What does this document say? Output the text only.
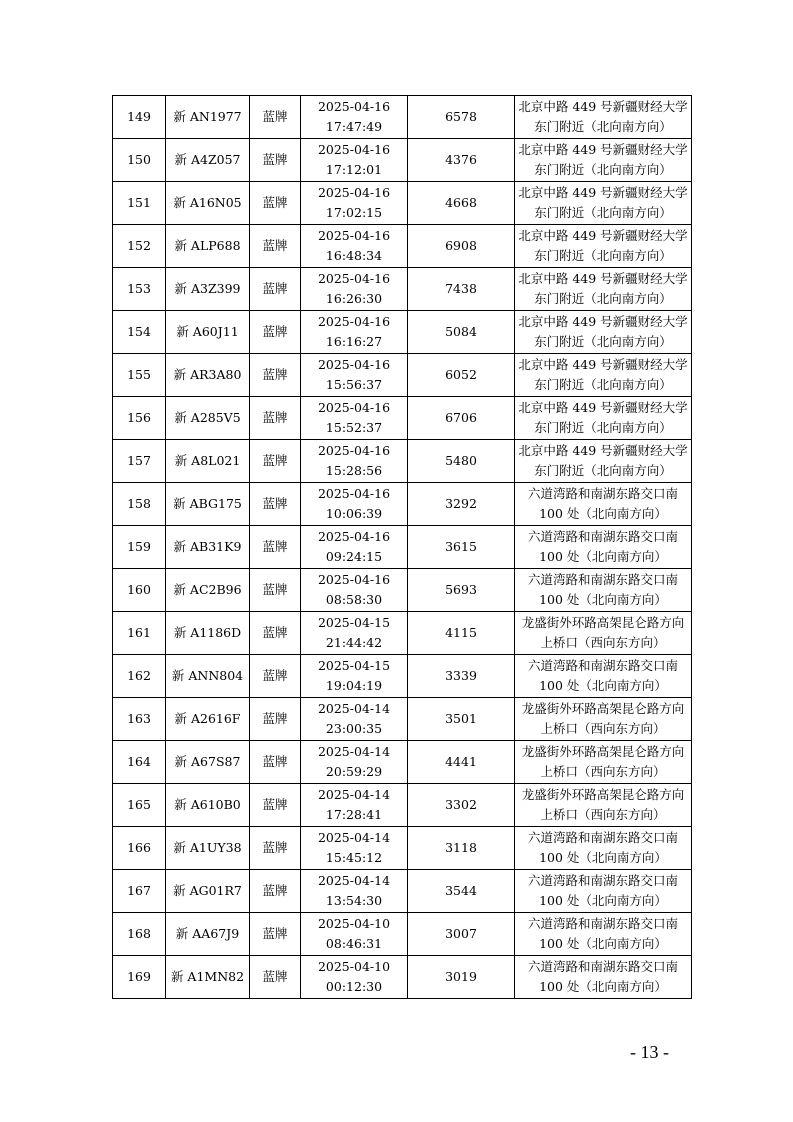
149	新 AN1977	蓝牌	2025-04-16
17:47:49	6578	北京中路 449 号新疆财经大学
东门附近（北向南方向）

150	新 A4Z057	蓝牌	2025-04-16
17:12:01	4376	北京中路 449 号新疆财经大学
东门附近（北向南方向）

151	新 A16N05	蓝牌	2025-04-16
17:02:15	4668	北京中路 449 号新疆财经大学
东门附近（北向南方向）

152	新 ALP688	蓝牌	2025-04-16
16:48:34	6908	北京中路 449 号新疆财经大学
东门附近（北向南方向）

153	新 A3Z399	蓝牌	2025-04-16
16:26:30	7438	北京中路 449 号新疆财经大学
东门附近（北向南方向）

154	新 A60J11	蓝牌	2025-04-16
16:16:27	5084	北京中路 449 号新疆财经大学
东门附近（北向南方向）

155	新 AR3A80	蓝牌	2025-04-16
15:56:37	6052	北京中路 449 号新疆财经大学
东门附近（北向南方向）

156	新 A285V5	蓝牌	2025-04-16
15:52:37	6706	北京中路 449 号新疆财经大学
东门附近（北向南方向）

157	新 A8L021	蓝牌	2025-04-16
15:28:56	5480	北京中路 449 号新疆财经大学
东门附近（北向南方向）

158	新 ABG175	蓝牌	2025-04-16
10:06:39	3292	六道湾路和南湖东路交口南
100 处（北向南方向）

159	新 AB31K9	蓝牌	2025-04-16
09:24:15	3615	六道湾路和南湖东路交口南
100 处（北向南方向）

160	新 AC2B96	蓝牌	2025-04-16
08:58:30	5693	六道湾路和南湖东路交口南
100 处（北向南方向）

161	新 A1186D	蓝牌	2025-04-15
21:44:42	4115	龙盛街外环路高架昆仑路方向
上桥口（西向东方向）

162	新 ANN804	蓝牌	2025-04-15
19:04:19	3339	六道湾路和南湖东路交口南
100 处（北向南方向）

163	新 A2616F	蓝牌	2025-04-14
23:00:35	3501	龙盛街外环路高架昆仑路方向
上桥口（西向东方向）

164	新 A67S87	蓝牌	2025-04-14
20:59:29	4441	龙盛街外环路高架昆仑路方向
上桥口（西向东方向）

165	新 A610B0	蓝牌	2025-04-14
17:28:41	3302	龙盛街外环路高架昆仑路方向
上桥口（西向东方向）

166	新 A1UY38	蓝牌	2025-04-14
15:45:12	3118	六道湾路和南湖东路交口南
100 处（北向南方向）

167	新 AG01R7	蓝牌	2025-04-14
13:54:30	3544	六道湾路和南湖东路交口南
100 处（北向南方向）

168	新 AA67J9	蓝牌	2025-04-10
08:46:31	3007	六道湾路和南湖东路交口南
100 处（北向南方向）

169	新 A1MN82	蓝牌	2025-04-10
00:12:30	3019	六道湾路和南湖东路交口南
100 处（北向南方向）
- 13 -
